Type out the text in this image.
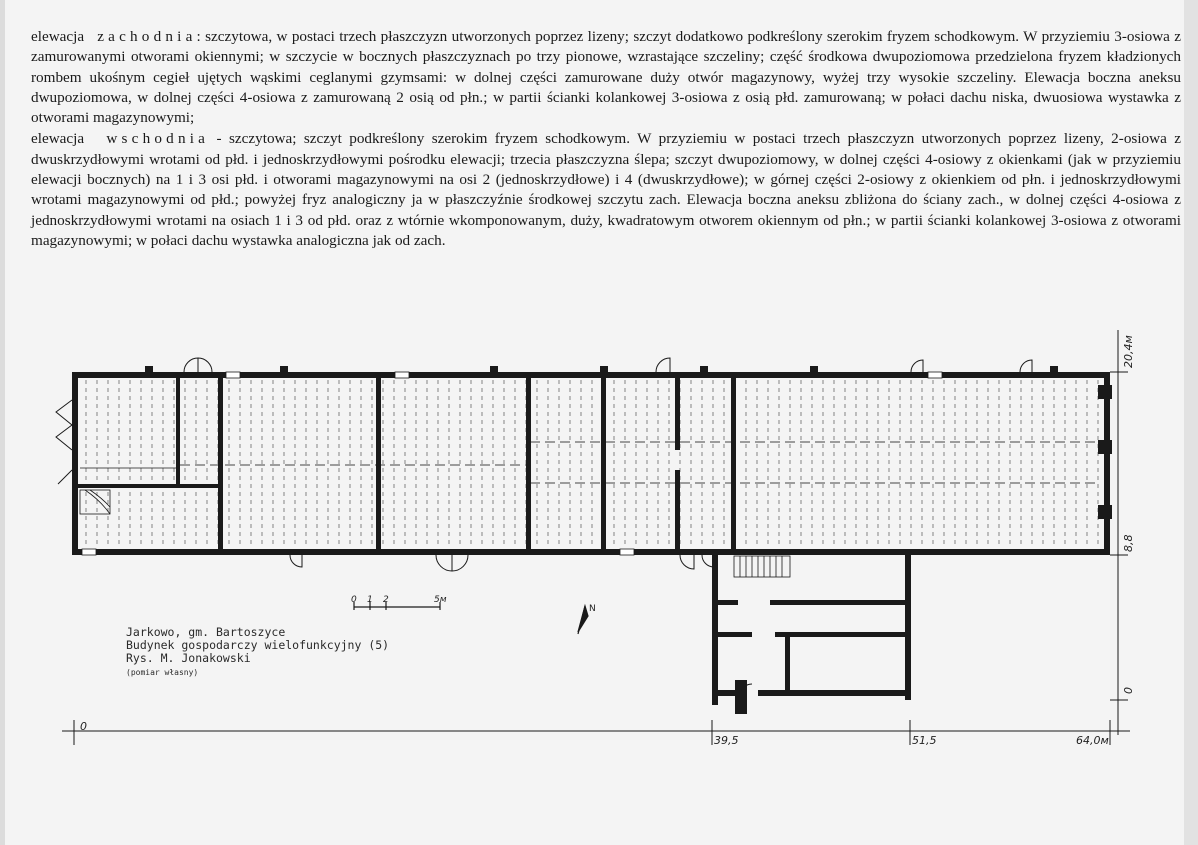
elewacja zachodnia: szczytowa, w postaci trzech płaszczyzn utworzonych poprzez lizeny; szczyt dodatkowo podkreślony szerokim fryzem schodkowym. W przyziemiu 3-osiowa z zamurowanymi otworami okiennymi; w szczycie w bocznych płaszczyznach po trzy pionowe, wzrastające szczeliny; część środkowa dwupoziomowa przedzielona fryzem kładzionych rombem ukośnym cegieł ujętych wąskimi ceglanymi gzymsami: w dolnej części zamurowane duży otwór magazynowy, wyżej trzy wysokie szczeliny. Elewacja boczna aneksu dwupoziomowa, w dolnej części 4-osiowa z zamurowaną 2 osią od płn.; w partii ścianki kolankowej 3-osiowa z osią płd. zamurowaną; w połaci dachu niska, dwuosiowa wystawka z otworami magazynowymi;

elewacja wschodnia - szczytowa; szczyt podkreślony szerokim fryzem schodkowym. W przyziemiu w postaci trzech płaszczyzn utworzonych poprzez lizeny, 2-osiowa z dwuskrzydłowymi wrotami od płd. i jednoskrzydłowymi pośrodku elewacji; trzecia płaszczyzna ślepa; szczyt dwupoziomowy, w dolnej części 4-osiowy z okienkami (jak w przyziemiu elewacji bocznych) na 1 i 3 osi płd. i otworami magazynowymi na osi 2 (jednoskrzydłowe) i 4 (dwuskrzydłowe); w górnej części 2-osiowy z okienkiem od płn. i jednoskrzydłowymi wrotami magazynowymi od płd.; powyżej fryz analogiczny ja w płaszczyźnie środkowej szczytu zach. Elewacja boczna aneksu zbliżona do ściany zach., w dolnej części 4-osiowa z jednoskrzydłowymi wrotami na osiach 1 i 3 od płd. oraz z wtórnie wkomponowanym, duży, kwadratowym otworem okiennym od płn.; w partii ścianki kolankowej 3-osiowa z otworami magazynowymi; w połaci dachu wystawka analogiczna jak od zach.

0 1 2	5м
N
Jarkowo, gm. Bartoszyce
Budynek gospodarczy wielofunkcyjny (5)
Rys. M. Jonakowski
(pomiar własny)
0
39,5	51,5	64,0м
20,4м
8,8
0
